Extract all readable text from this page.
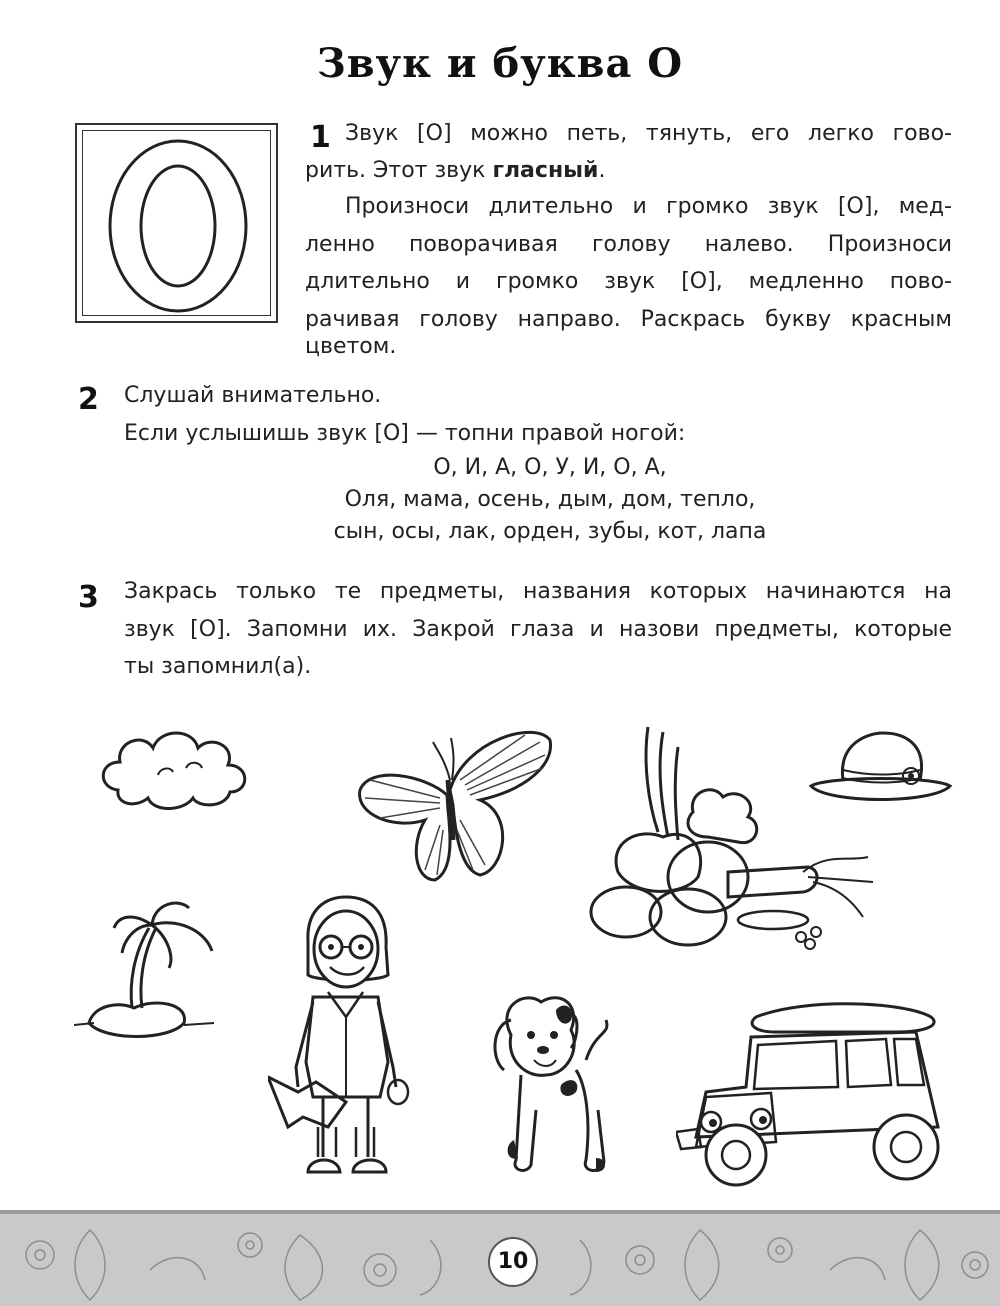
Звук и буква О
1 Звук [О] можно петь, тянуть, его легко гово-
рить. Этот звук гласный.
Произноси длительно и громко звук [О], мед-
ленно поворачивая голову налево. Произноси
длительно и громко звук [О], медленно пово-
рачивая голову направо. Раскрась букву красным
цветом.
2 Слушай внимательно.
Если услышишь звук [О] — топни правой ногой:
О, И, А, О, У, И, О, А,
Оля, мама, осень, дым, дом, тепло,
сын, осы, лак, орден, зубы, кот, лапа
3 Закрась только те предметы, названия которых начинаются на
звук [О]. Запомни их. Закрой глаза и назови предметы, которые
ты запомнил(а).
10
